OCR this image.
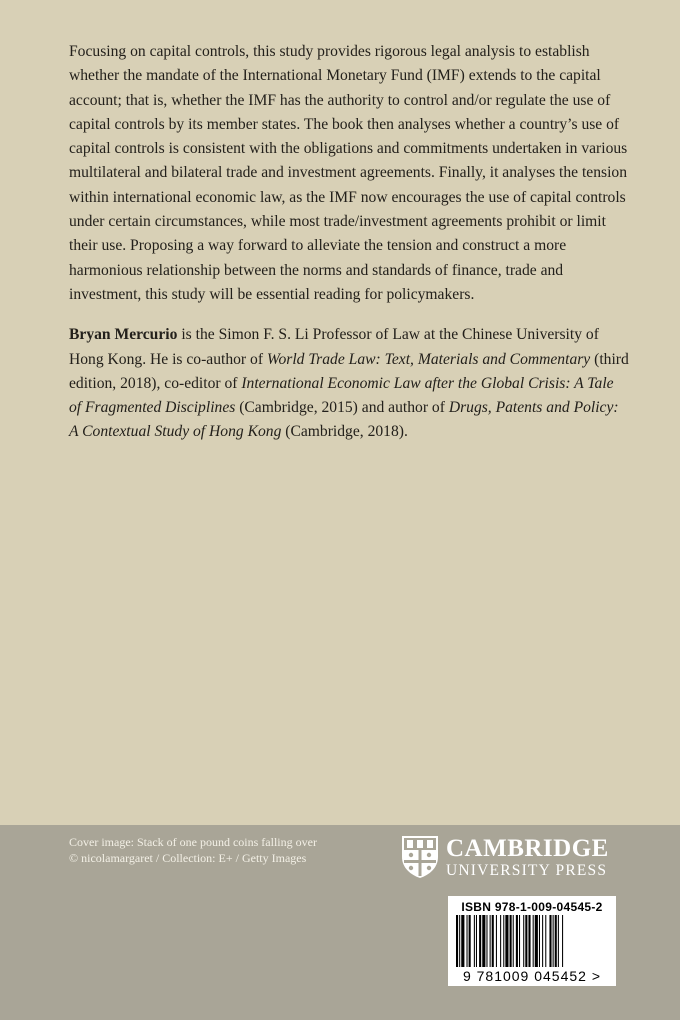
Focusing on capital controls, this study provides rigorous legal analysis to establish whether the mandate of the International Monetary Fund (IMF) extends to the capital account; that is, whether the IMF has the authority to control and/or regulate the use of capital controls by its member states. The book then analyses whether a country’s use of capital controls is consistent with the obligations and commitments undertaken in various multilateral and bilateral trade and investment agreements. Finally, it analyses the tension within international economic law, as the IMF now encourages the use of capital controls under certain circumstances, while most trade/investment agreements prohibit or limit their use. Proposing a way forward to alleviate the tension and construct a more harmonious relationship between the norms and standards of finance, trade and investment, this study will be essential reading for policymakers.

Bryan Mercurio is the Simon F. S. Li Professor of Law at the Chinese University of Hong Kong. He is co-author of World Trade Law: Text, Materials and Commentary (third edition, 2018), co-editor of International Economic Law after the Global Crisis: A Tale of Fragmented Disciplines (Cambridge, 2015) and author of Drugs, Patents and Policy: A Contextual Study of Hong Kong (Cambridge, 2018).

Cover image: Stack of one pound coins falling over
© nicolamargaret / Collection: E+ / Getty Images	CAMBRIDGE
UNIVERSITY PRESS
ISBN 978-1-009-04545-2
9 781009 045452 >
